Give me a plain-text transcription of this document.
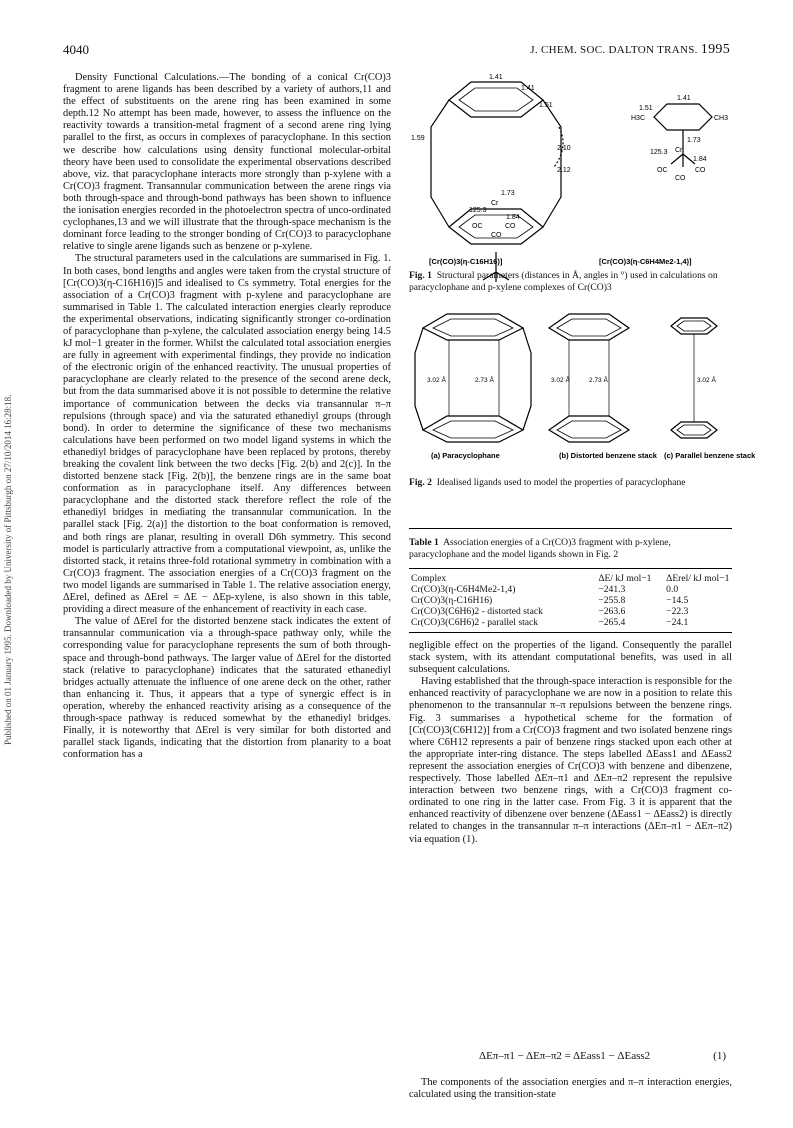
4040	J. CHEM. SOC. DALTON TRANS. 1995
Published on 01 January 1995. Downloaded by University of Pittsburgh on 27/10/2014 16:28:18.

Density Functional Calculations.—The bonding of a conical Cr(CO)3 fragment to arene ligands has been described by a variety of authors,11 and the effect of substituents on the arene ring has been examined in some depth.12 No attempt has been made, however, to assess the influence on the reactivity towards a transition-metal fragment of a second arene ring lying parallel to the first, as occurs in complexes of paracyclophane. In this section we describe how calculations using density functional molecular-orbital theory have been used to consolidate the experimental observations described above, viz. that paracyclophane interacts more strongly than p-xylene with a Cr(CO)3 fragment. Transannular communication between the arene rings via both through-space and through-bond pathways has been shown to influence the ionisation energies recorded in the photoelectron spectra of unco-ordinated cyclophanes,13 and we will illustrate that the through-space mechanism is the dominant force leading to the stronger bonding of Cr(CO)3 to paracyclophane relative to single arene ligands such as benzene or p-xylene.

The structural parameters used in the calculations are summarised in Fig. 1. In both cases, bond lengths and angles were taken from the crystal structure of [Cr(CO)3(η-C16H16)]5 and idealised to Cs symmetry. Total energies for the association of a Cr(CO)3 fragment with p-xylene and paracyclophane are summarised in Table 1. The calculated interaction energies clearly reproduce the experimental observations, indicating significantly stronger co-ordination of paracyclophane than p-xylene, the calculated association energy being 14.5 kJ mol−1 greater in the former. Whilst the calculated total association energies are fully in agreement with experimental findings, they provide no indication of the electronic origin of the enhanced reactivity. The unusual properties of paracyclophane are clearly related to the presence of the second arene deck, but from the data summarised above it is not possible to determine the relative importance of communication between the decks via transannular π–π repulsions (through space) and via the saturated ethanediyl groups (through bond). In order to determine the significance of these two mechanisms calculations have been performed on two model ligand systems in which the ethanediyl bridges of paracyclophane have been replaced by protons, thereby breaking the covalent link between the two decks [Fig. 2(b) and 2(c)]. In the distorted benzene stack [Fig. 2(b)], the benzene rings are in the same boat conformation as in paracyclophane itself. Any differences between paracyclophane and the distorted stack therefore reflect the role of the ethanediyl bridges in mediating the transannular communication. In the parallel stack [Fig. 2(a)] the distortion to the boat conformation is removed, and both rings are planar, resulting in overall D6h symmetry. This second model is particularly attractive from a computational viewpoint, as, unlike the distorted stack, it retains three-fold rotational symmetry in combination with a Cr(CO)3 fragment. The association energies of a Cr(CO)3 fragment on the two model ligands are summarised in Table 1. The relative association energy, ΔErel, defined as ΔErel = ΔE − ΔEp-xylene, is also shown in this table, providing a direct measure of the enhancement of reactivity in each case.

The value of ΔErel for the distorted benzene stack indicates the extent of transannular communication via a through-space pathway only, while the corresponding value for paracyclophane represents the sum of both through-space and through-bond pathways. The larger value of ΔErel for the distorted stack (relative to paracyclophane) indicates that the saturated ethanediyl bridges actually attenuate the influence of one arene deck on the other, rather than enhancing it. Thus, it appears that a type of synergic effect is in operation, whereby the enhanced reactivity arising as a consequence of the through-space pathway is reduced somewhat by the ethanediyl bridges. Finally, it is noteworthy that ΔErel is very similar for both distorted and parallel stack ligands, indicating that the distortion from planarity to a boat conformation has a

1.41
1.41
1.51
1.59
2.10
2.12
1.73
125.3
1.84
Cr
OC	CO
CO
1.41
1.51
H3C	CH3
1.73
125.3 Cr
1.84
OC	CO
CO
[Cr(CO)3(η-C16H16)]	[Cr(CO)3(η-C6H4Me2-1,4)]
Fig. 1 Structural parameters (distances in Å, angles in °) used in calculations on paracyclophane and p-xylene complexes of Cr(CO)3
3.02 Å	2.73 Å	3.02 Å	2.73 Å	3.02 Å
(a) Paracyclophane	(b) Distorted benzene stack (c) Parallel benzene stack
Fig. 2 Idealised ligands used to model the properties of paracyclophane
Table 1 Association energies of a Cr(CO)3 fragment with p-xylene, paracyclophane and the model ligands shown in Fig. 2
Complex	ΔE/ kJ mol−1	ΔErel/ kJ mol−1
Cr(CO)3(η-C6H4Me2-1,4)	−241.3	0.0
Cr(CO)3(η-C16H16)	−255.8	−14.5
Cr(CO)3(C6H6)2 - distorted stack	−263.6	−22.3
Cr(CO)3(C6H6)2 - parallel stack	−265.4	−24.1

negligible effect on the properties of the ligand. Consequently the parallel stack system, with its attendant computational benefits, was used in all subsequent calculations.

Having established that the through-space interaction is responsible for the enhanced reactivity of paracyclophane we are now in a position to relate this phenomenon to the transannular π–π repulsions between the benzene rings. Fig. 3 summarises a hypothetical scheme for the formation of [Cr(CO)3(C6H12)] from a Cr(CO)3 fragment and two isolated benzene rings where C6H12 represents a pair of benzene rings stacked upon each other at the appropriate inter-ring distance. The steps labelled ΔEass1 and ΔEass2 represent the association energies of Cr(CO)3 with benzene and dibenzene, respectively. Those labelled ΔEπ–π1 and ΔEπ–π2 represent the repulsive interaction between two benzene rings, with a Cr(CO)3 fragment co-ordinated to one ring in the latter case. From Fig. 3 it is apparent that the enhanced reactivity of dibenzene over benzene (ΔEass1 − ΔEass2) is directly related to changes in the transannular π–π interactions (ΔEπ–π1 − ΔEπ–π2) via equation (1).

ΔEπ–π1 − ΔEπ–π2 = ΔEass1 − ΔEass2	(1)

The components of the association energies and π–π interaction energies, calculated using the transition-state
